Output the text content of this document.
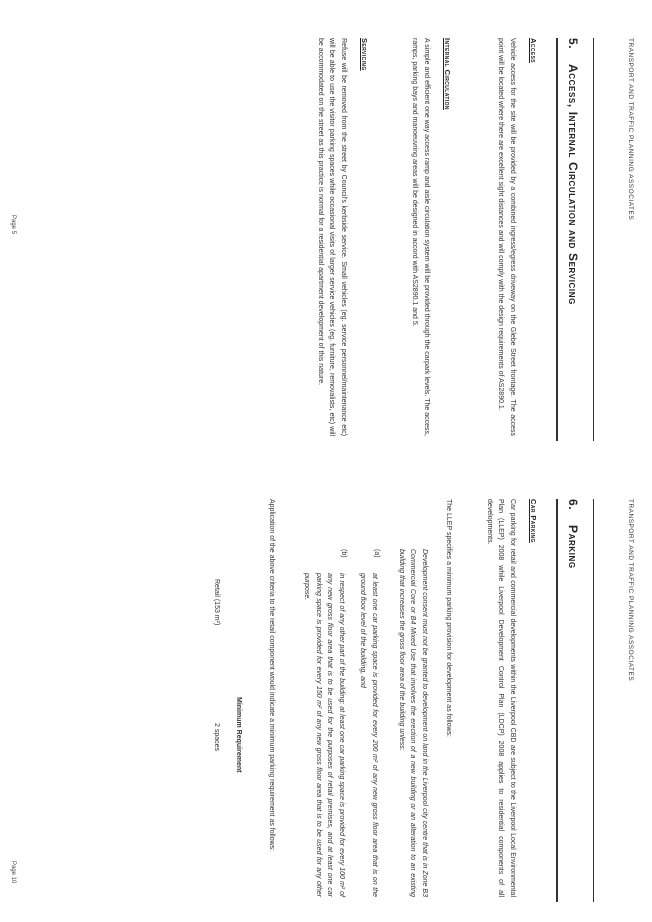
TRANSPORT AND TRAFFIC PLANNING ASSOCIATES
5.Access, Internal Circulation and Servicing
Access
Vehicle access for the site will be provided by a combined ingress/egress driveway on the Glebe Street frontage. The access point will be located where there are excellent sight distances and will comply with the design requirements of AS2890.1.
Internal Circulation
A simple and efficient one way access ramp and aisle circulation system will be provided through the carpark levels. The access, ramps, parking bays and manoeuvring areas will be designed in accord with AS2890.1 and 5.
Servicing
Refuse will be removed from the street by Council's kerbside service. Small vehicles (eg. service personnel/maintenance etc) will be able to use the visitor parking spaces while occasional visits of larger service vehicles (eg. furniture, removalists, etc) will be accommodated on the street as this practice is normal for a residential apartment development of this nature.
Page 5
TRANSPORT AND TRAFFIC PLANNING ASSOCIATES
6.Parking
Car Parking
Car parking for retail and commercial developments within the Liverpool CBD are subject to the Liverpool Local Environmental Plan (LLEP) 2008 while Liverpool Development Control Plan (LDCP) 2008 applies to residential components of all developments.
The LLEP specifies a minimum parking provision for development as follows:
Development consent must not be granted to development on land in the Liverpool city centre that is in Zone B3 Commercial Core or B4 Mixed Use that involves the erection of a new building or an alteration to an existing building that increases the gross floor area of the building unless:
(a)
at least one car parking space is provided for every 200 m² of any new gross floor area that is on the ground floor level of the building, and
(b)
in respect of any other part of the building: at least one car parking space is provided for every 100 m² of any new gross floor area that is to be used for the purposes of retail premises, and at least one car parking space is provided for every 150 m² of any new gross floor area that is to be used for any other purpose.
Application of the above criteria to the retail component would indicate a minimum parking requirement as follows:
Minimum Requirement
Retail (153 m²)
2 spaces
Page 10
